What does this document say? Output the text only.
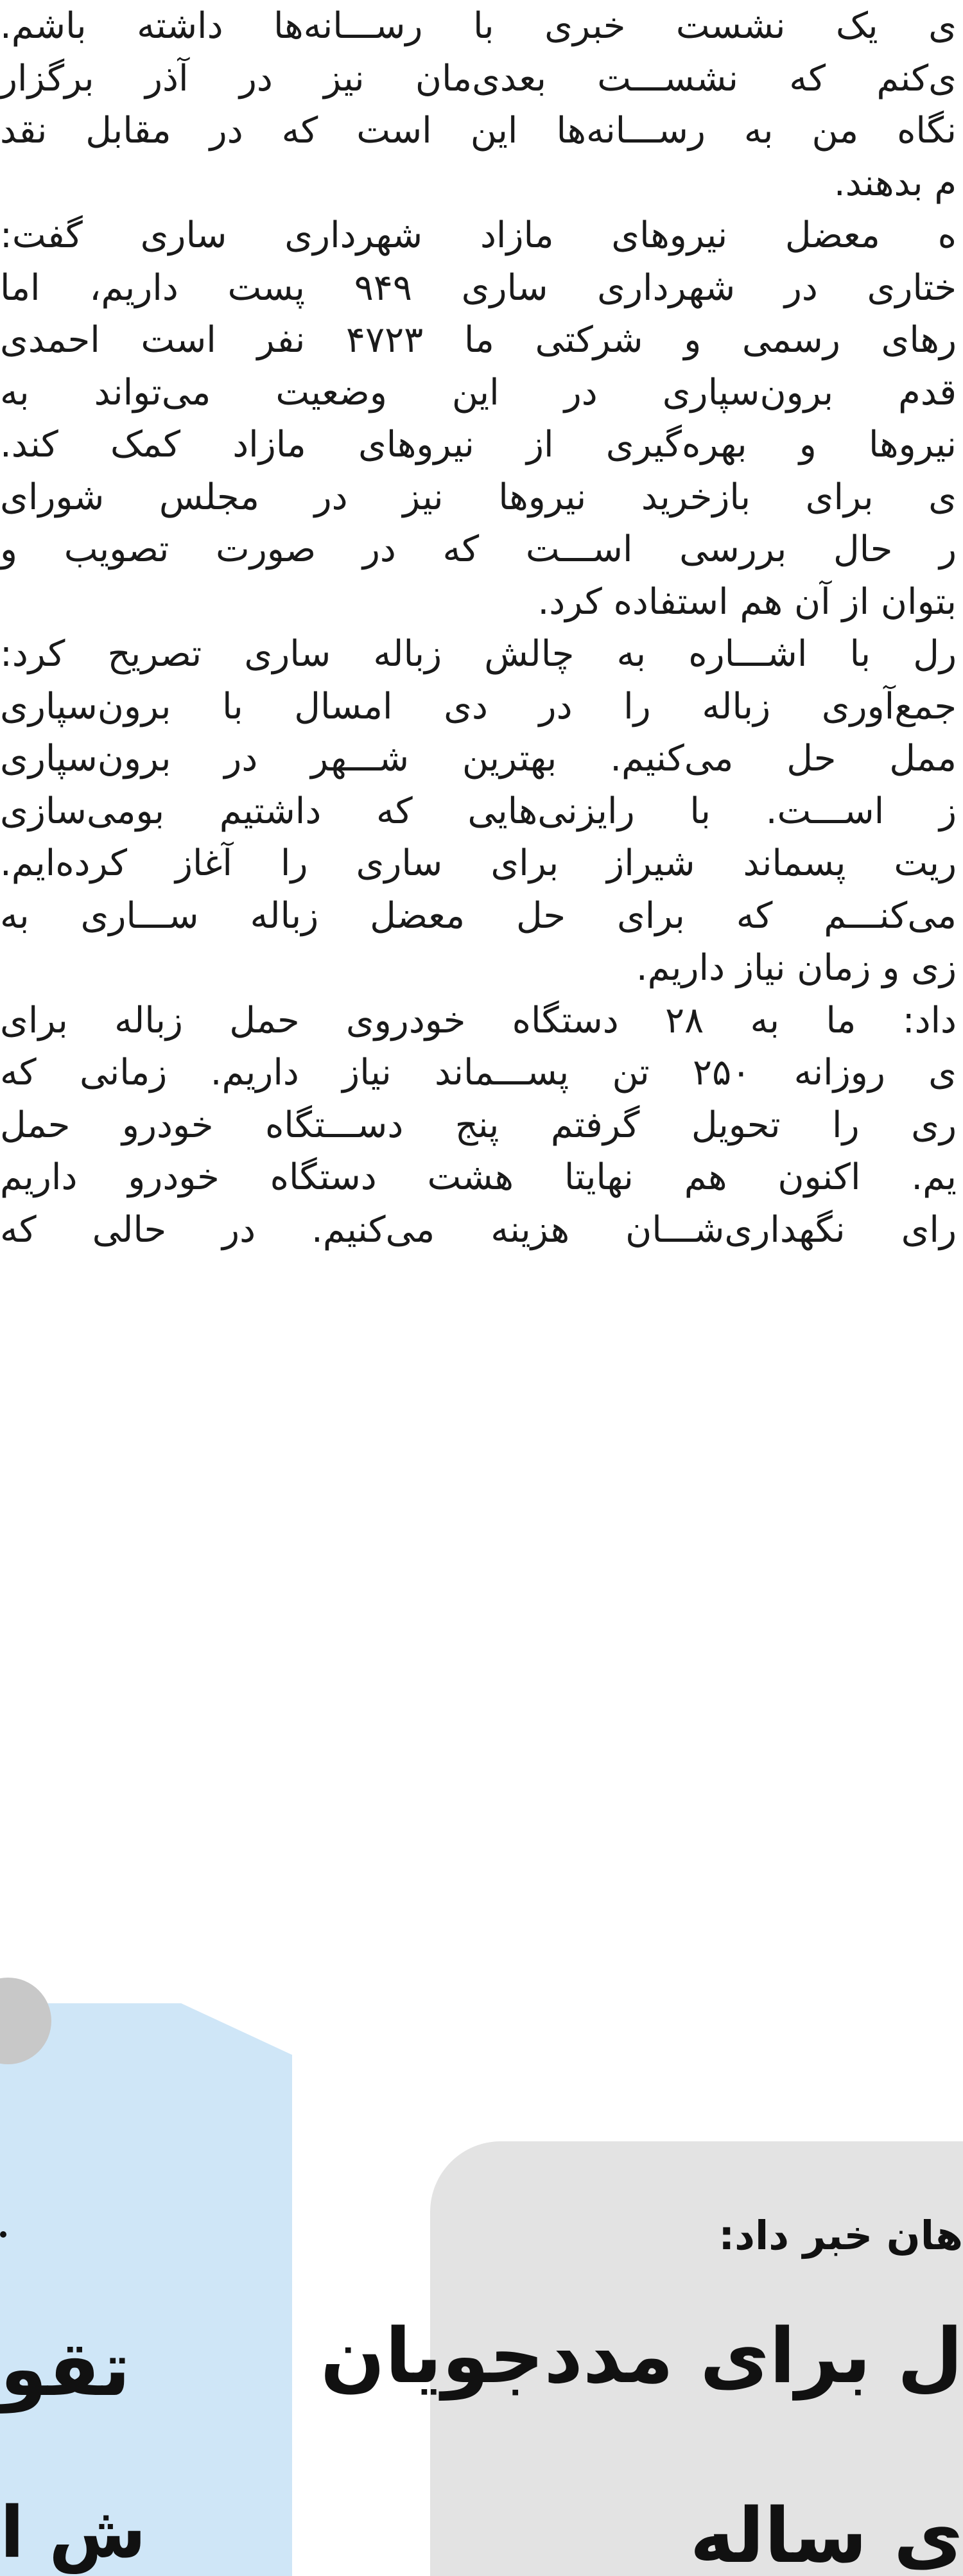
ی یک نشست خبری با رســـانه‌ها داشته باشم.
ی‌کنم که نشســـت بعدی‌مان نیز در آذر برگزار
نگاه من به رســـانه‌ها این است که در مقابل نقد
م بدهند.
ه معضل نیروهای مازاد شهرداری ساری گفت:
ختاری در شهرداری ساری ۹۴۹ پست داریم، اما
رهای رسمی و شرکتی ما ۴۷۲۳ نفر است احمدی
قدم برون‌سپاری در این وضعیت می‌تواند به
نیروها و بهره‌گیری از نیروهای مازاد کمک کند.
ی برای بازخرید نیروها نیز در مجلس شورای
ر حال بررسی اســـت که در صورت تصویب و
بتوان از آن هم استفاده کرد.
رل با اشـــاره به چالش زباله ساری تصریح کرد:
جمع‌آوری زباله را در دی امسال با برون‌سپاری
ممل حل می‌کنیم. بهترین شـــهر در برون‌سپاری
ز اســـت. با رایزنی‌هایی که داشتیم بومی‌سازی
ریت پسماند شیراز برای ساری را آغاز کرده‌ایم.
می‌کنـــم که برای حل معضل زباله ســـاری به
زی و زمان نیاز داریم.
داد: ما به ۲۸ دستگاه خودروی حمل زباله برای
ی روزانه ۲۵۰ تن پســـماند نیاز داریم. زمانی که
ری را تحویل گرفتم پنج دســـتگاه خودرو حمل
یم. اکنون هم نهایتا هشت دستگاه خودرو داریم
رای نگهداری‌شـــان هزینه می‌کنیم. در حالی که
تقو
ش ا
هان خبر داد:
ل برای مددجویان
ی ساله
